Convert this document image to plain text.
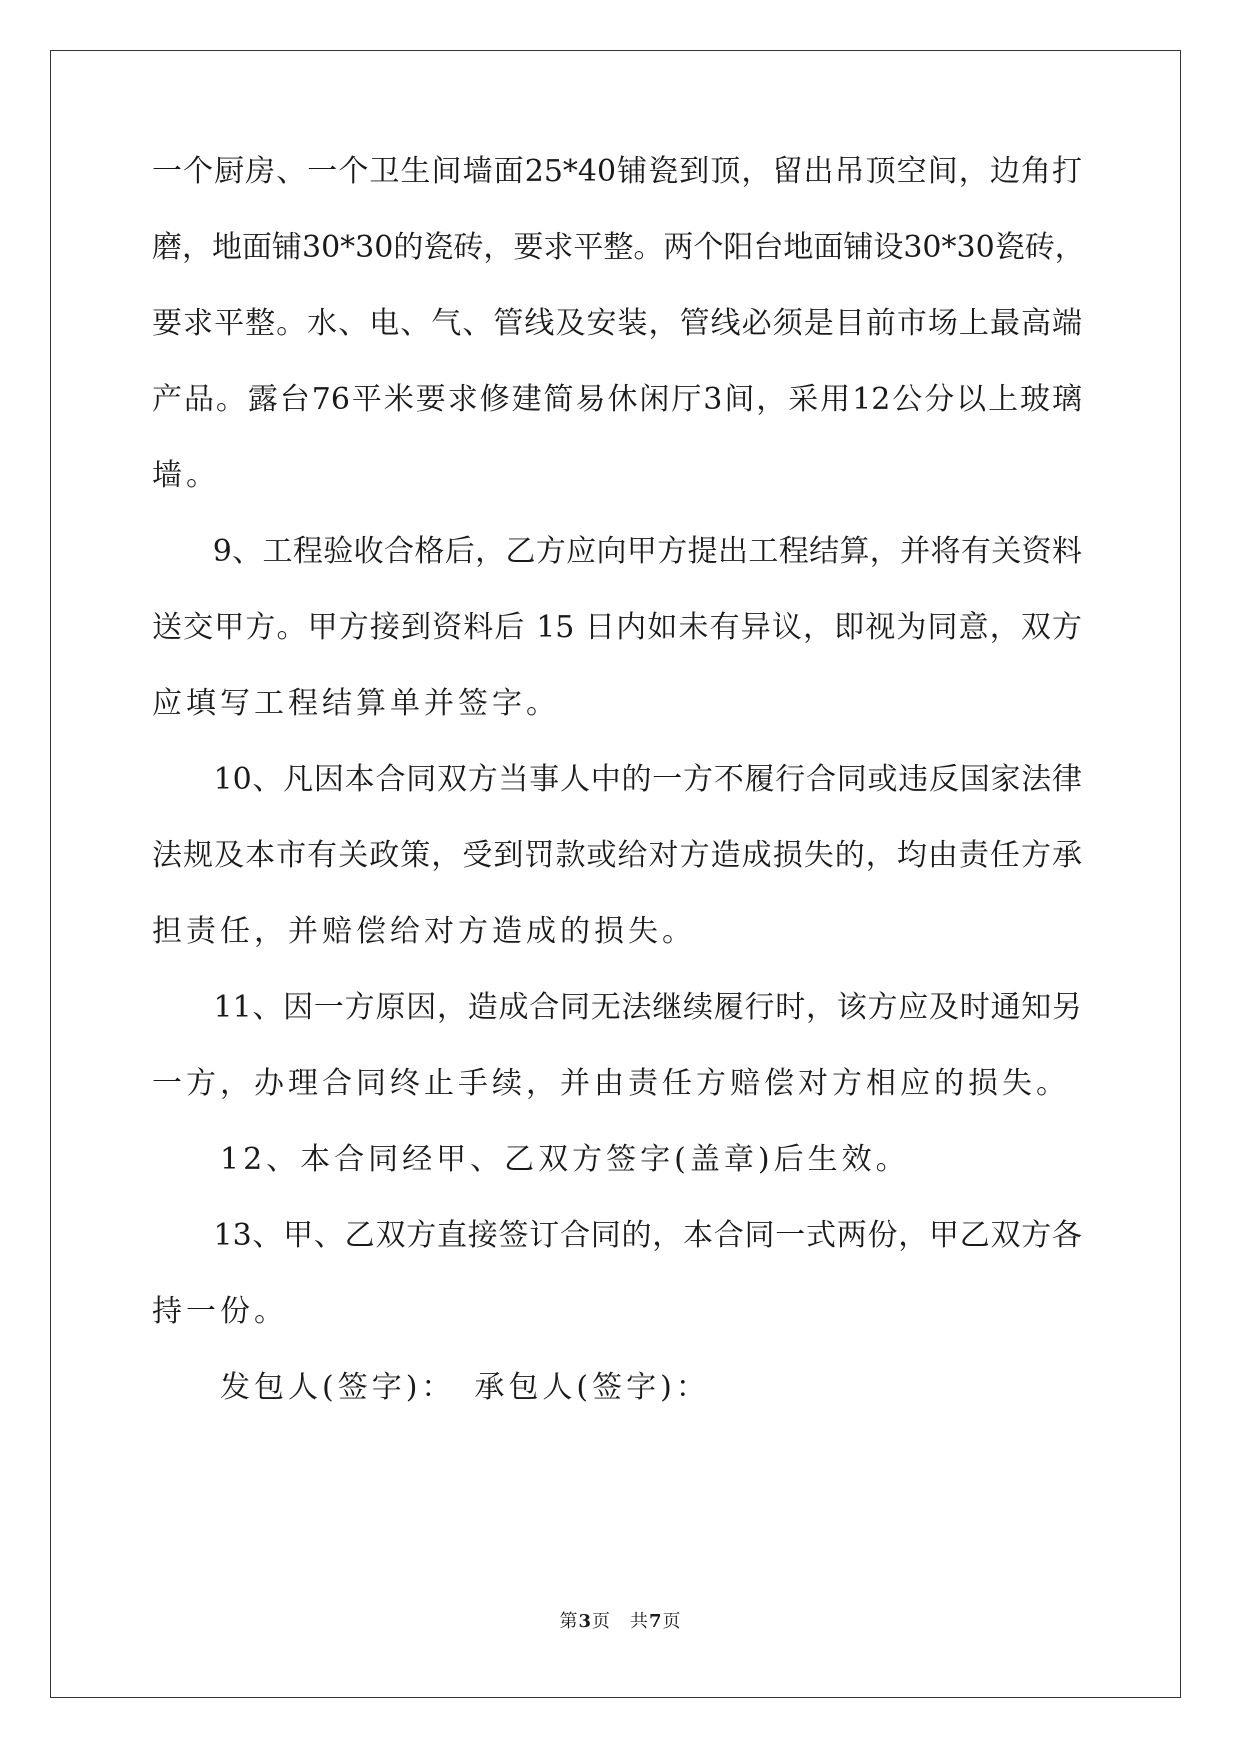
一个厨房、一个卫生间墙面25*40铺瓷到顶，留出吊顶空间，边角打
磨，地面铺30*30的瓷砖，要求平整。两个阳台地面铺设30*30瓷砖，
要求平整。水、电、气、管线及安装，管线必须是目前市场上最高端
产品。露台76平米要求修建简易休闲厅3间，采用12公分以上玻璃
墙。
　　9、工程验收合格后，乙方应向甲方提出工程结算，并将有关资料
送交甲方。甲方接到资料后 15 日内如未有异议，即视为同意，双方
应填写工程结算单并签字。
　　10、凡因本合同双方当事人中的一方不履行合同或违反国家法律
法规及本市有关政策，受到罚款或给对方造成损失的，均由责任方承
担责任，并赔偿给对方造成的损失。
　　11、因一方原因，造成合同无法继续履行时，该方应及时通知另
一方，办理合同终止手续，并由责任方赔偿对方相应的损失。
　　12、本合同经甲、乙双方签字(盖章)后生效。
　　13、甲、乙双方直接签订合同的，本合同一式两份，甲乙双方各
持一份。
　　发包人(签字)：　承包人(签字)：
第3页　共7页
